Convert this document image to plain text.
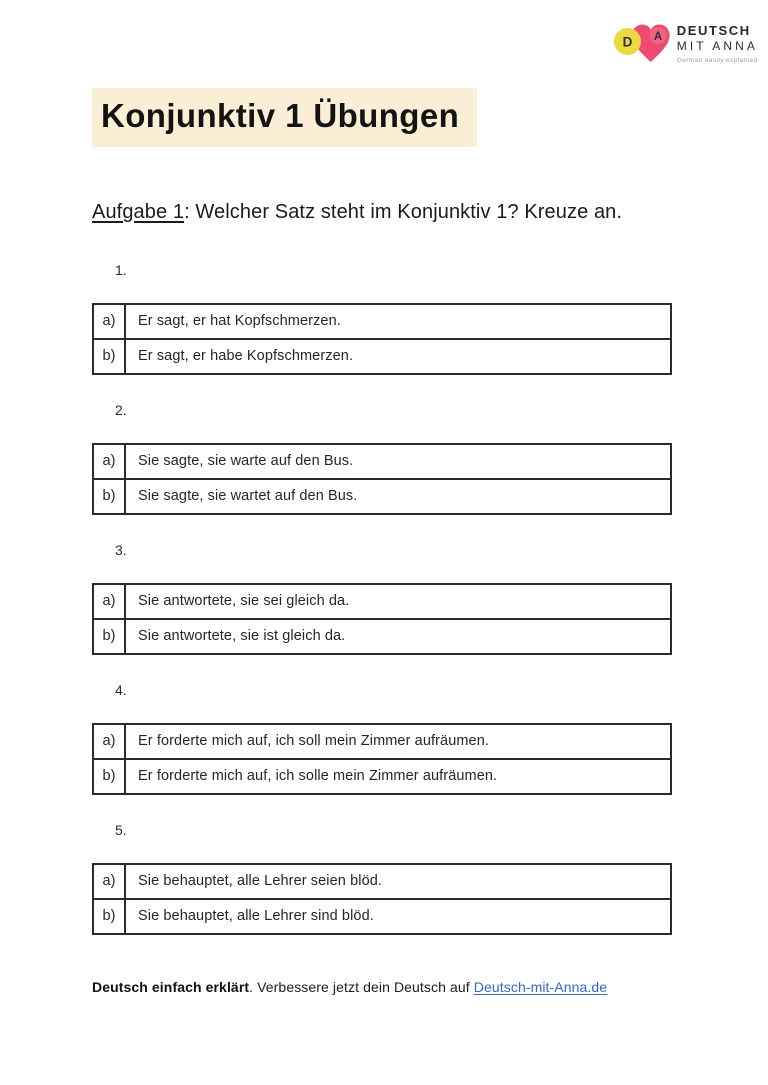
D A DEUTSCH
MIT ANNA
German easily explained
Konjunktiv 1 Übungen
Aufgabe 1: Welcher Satz steht im Konjunktiv 1? Kreuze an.
1.
a)	Er sagt, er hat Kopfschmerzen.
b)	Er sagt, er habe Kopfschmerzen.
2.
a)	Sie sagte, sie warte auf den Bus.
b)	Sie sagte, sie wartet auf den Bus.
3.
a)	Sie antwortete, sie sei gleich da.
b)	Sie antwortete, sie ist gleich da.
4.
a)	Er forderte mich auf, ich soll mein Zimmer aufräumen.
b)	Er forderte mich auf, ich solle mein Zimmer aufräumen.
5.
a)	Sie behauptet, alle Lehrer seien blöd.
b)	Sie behauptet, alle Lehrer sind blöd.
Deutsch einfach erklärt. Verbessere jetzt dein Deutsch auf Deutsch-mit-Anna.de
